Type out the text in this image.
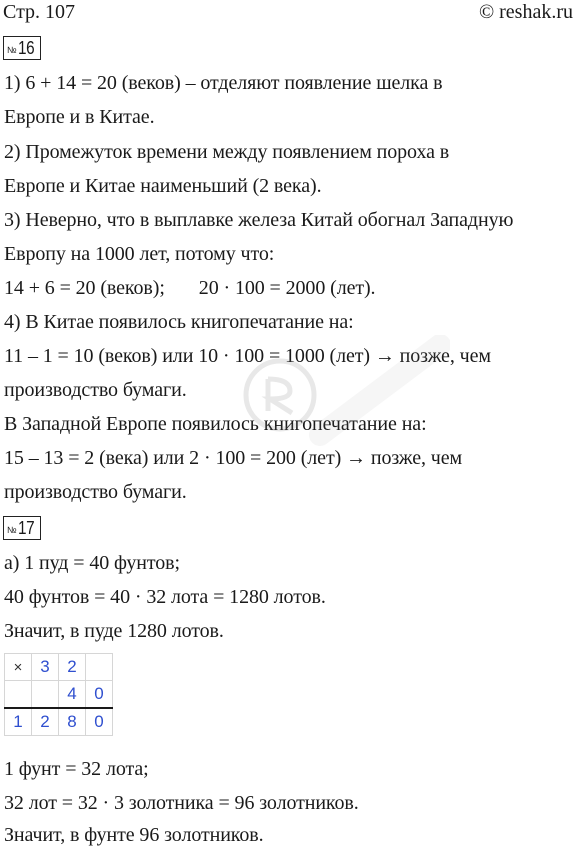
Стр. 107	© reshak.ru
№ 16
1) 6 + 14 = 20 (веков) – отделяют появление шелка в
Европе и в Китае.
2) Промежуток времени между появлением пороха в
Европе и Китае наименьший (2 века).
3) Неверно, что в выплавке железа Китай обогнал Западную
Европу на 1000 лет, потому что:
14 + 6 = 20 (веков); 20 · 100 = 2000 (лет).
4) В Китае появилось книгопечатание на:
11 – 1 = 10 (веков) или 10 · 100 = 1000 (лет) → позже, чем
производство бумаги.
В Западной Европе появилось книгопечатание на:
15 – 13 = 2 (века) или 2 · 100 = 200 (лет) → позже, чем
производство бумаги.
№ 17
а) 1 пуд = 40 фунтов;
40 фунтов = 40 · 32 лота = 1280 лотов.
Значит, в пуде 1280 лотов.
×	3	2	
		4	0
1	2	8	0
1 фунт = 32 лота;
32 лот = 32 · 3 золотника = 96 золотников.
Значит, в фунте 96 золотников.
